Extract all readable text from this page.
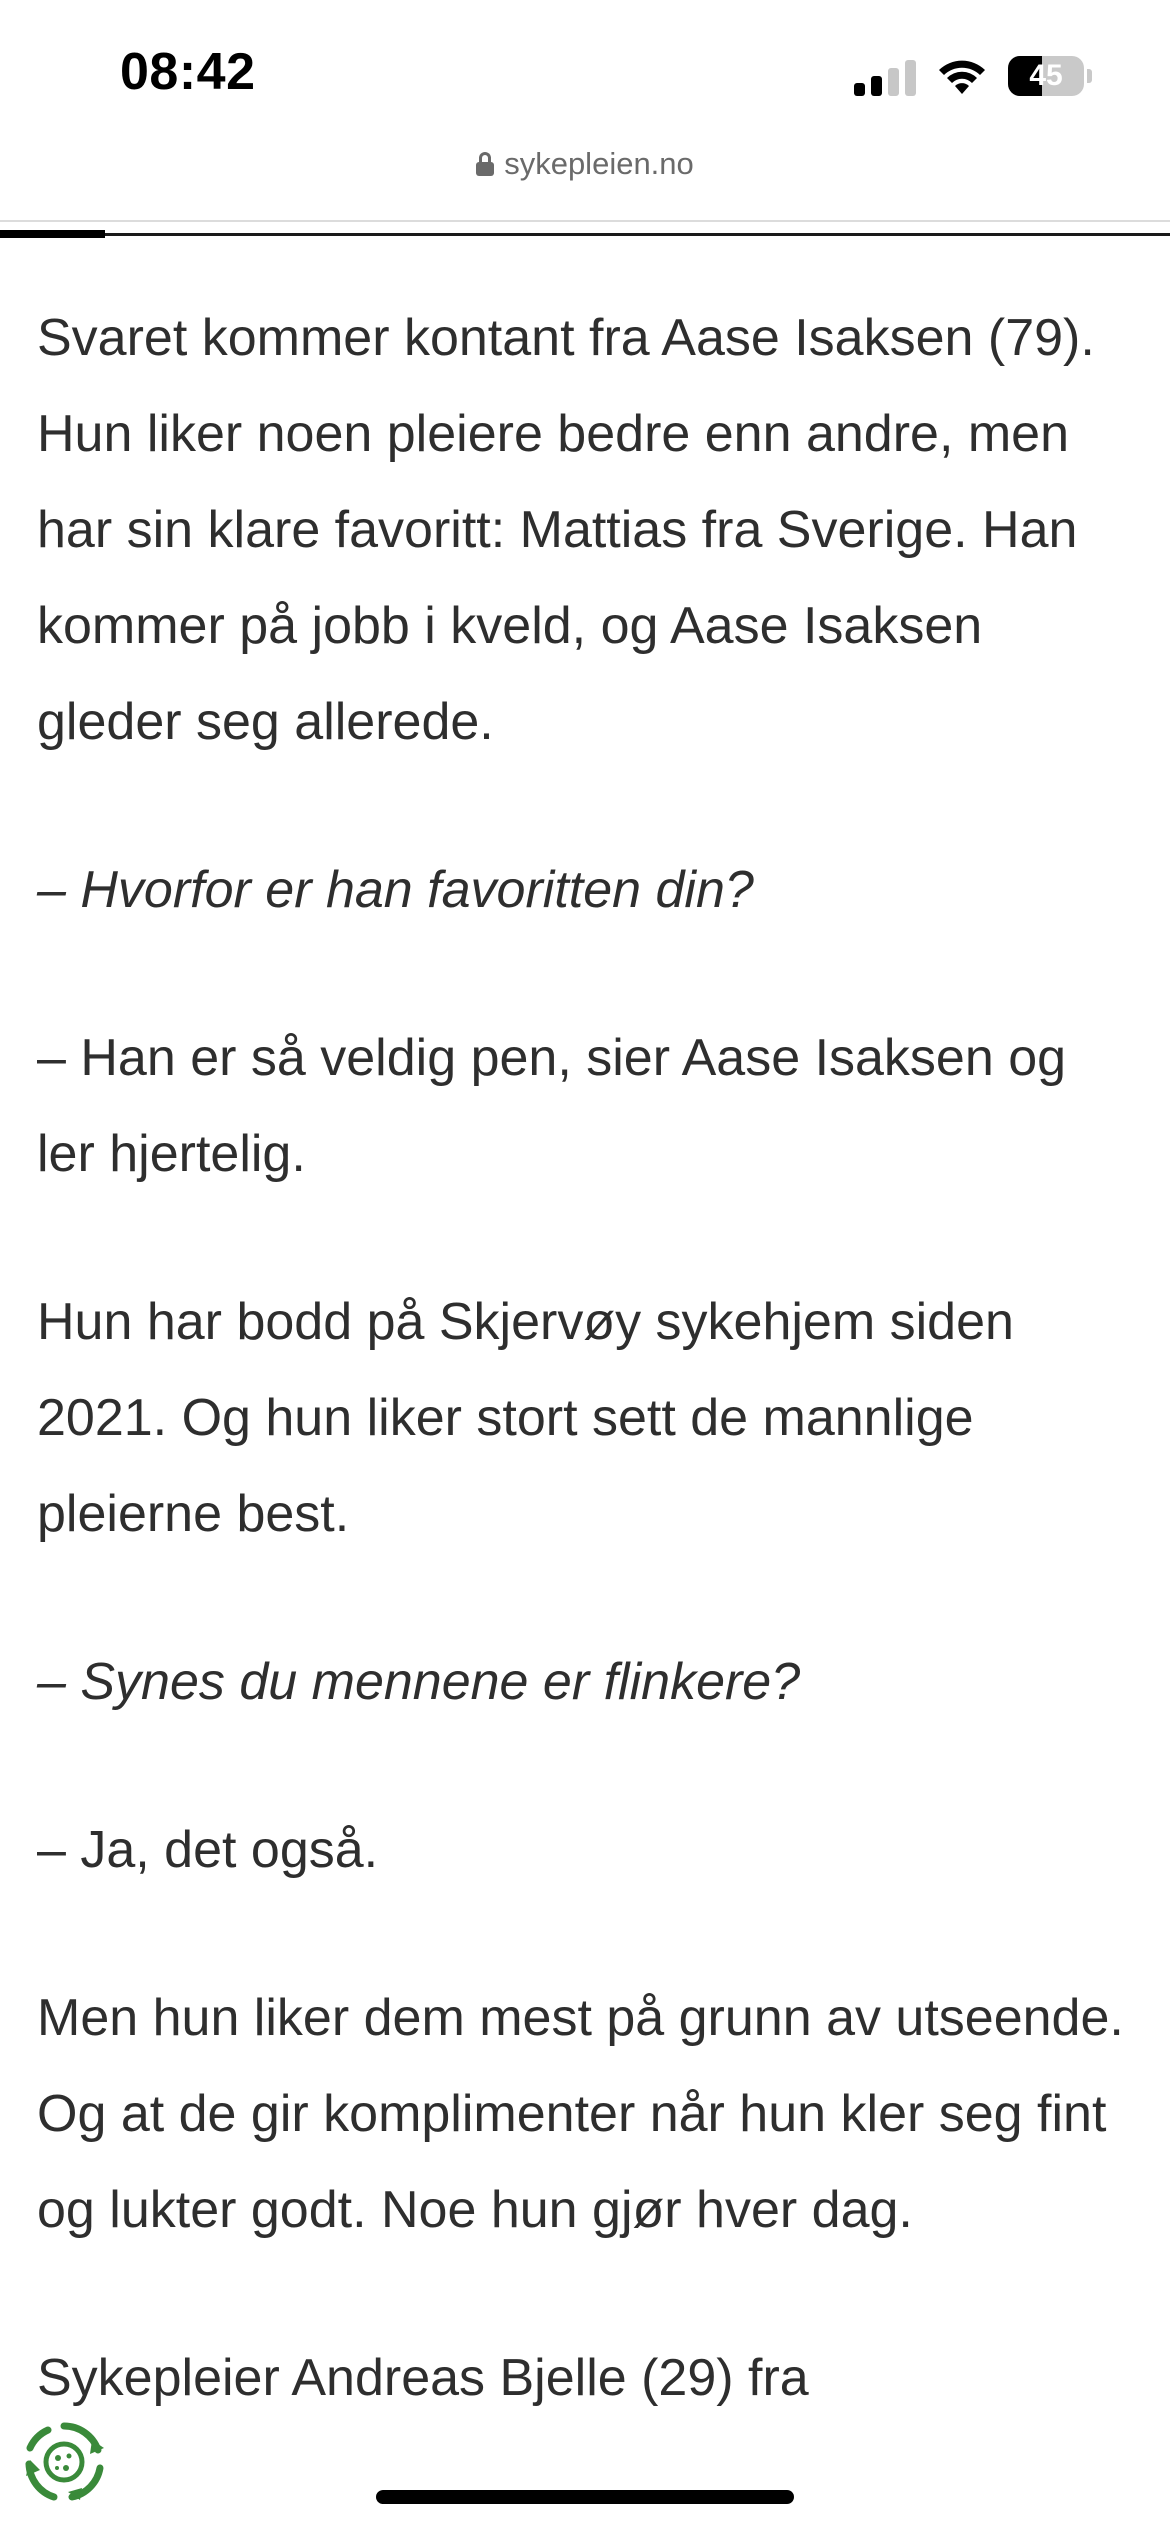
08:42	45
sykepleien.no

Svaret kommer kontant fra Aase Isaksen (79). Hun liker noen pleiere bedre enn andre, men har sin klare favoritt: Mattias fra Sverige. Han kommer på jobb i kveld, og Aase Isaksen gleder seg allerede.

– Hvorfor er han favoritten din?

– Han er så veldig pen, sier Aase Isaksen og ler hjertelig.

Hun har bodd på Skjervøy sykehjem siden 2021. Og hun liker stort sett de mannlige pleierne best.

– Synes du mennene er flinkere?

– Ja, det også.

Men hun liker dem mest på grunn av utseende. Og at de gir komplimenter når hun kler seg fint og lukter godt. Noe hun gjør hver dag.

Sykepleier Andreas Bjelle (29) fra
